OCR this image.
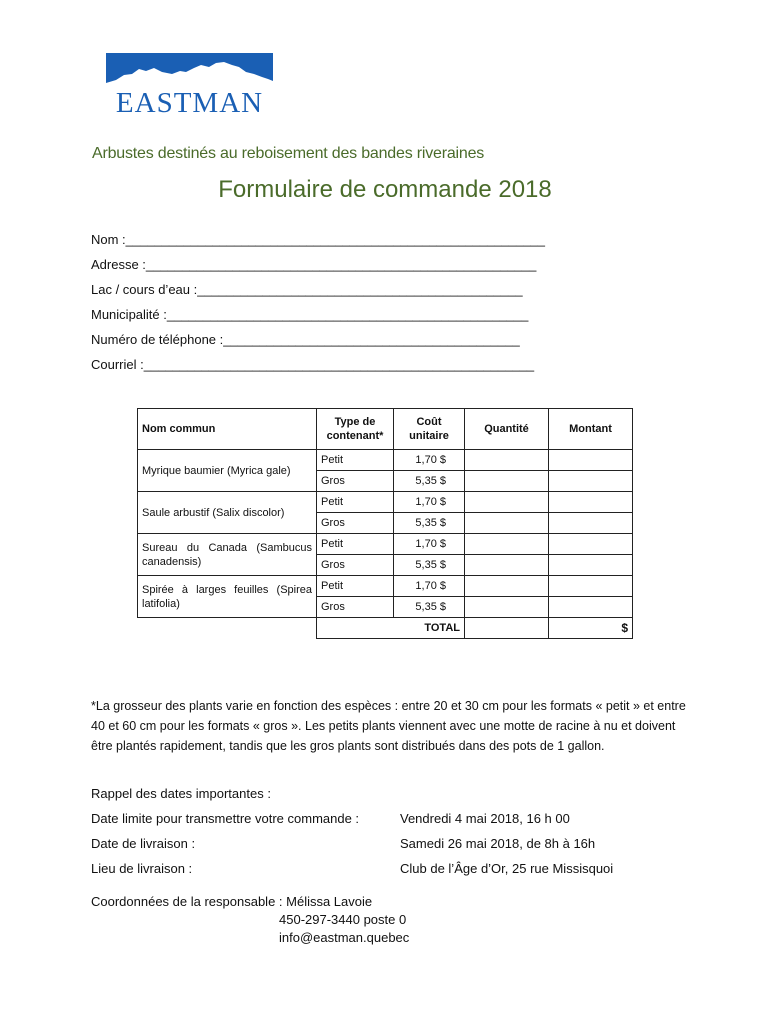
EASTMAN
Arbustes destinés au reboisement des bandes riveraines
Formulaire de commande 2018
Nom :__________________________________________________________
Adresse :______________________________________________________
Lac / cours d’eau :_____________________________________________
Municipalité :__________________________________________________
Numéro de téléphone :_________________________________________
Courriel :______________________________________________________
Nom commun	Type de contenant*	Coût unitaire	Quantité	Montant
Myrique baumier (Myrica gale)	Petit	1,70 $		
	Gros	5,35 $		
Saule arbustif (Salix discolor)	Petit	1,70 $		
	Gros	5,35 $		
Sureau du Canada (Sambucus canadensis)	Petit	1,70 $		
	Gros	5,35 $		
Spirée à larges feuilles (Spirea latifolia)	Petit	1,70 $		
	Gros	5,35 $		
	TOTAL			$
*La grosseur des plants varie en fonction des espèces : entre 20 et 30 cm pour les formats « petit » et entre 40 et 60 cm pour les formats « gros ». Les petits plants viennent avec une motte de racine à nu et doivent être plantés rapidement, tandis que les gros plants sont distribués dans des pots de 1 gallon.
Rappel des dates importantes :
Date limite pour transmettre votre commande :	Vendredi 4 mai 2018, 16 h 00
Date de livraison :	Samedi 26 mai 2018, de 8h à 16h
Lieu de livraison :	Club de l’Âge d’Or, 25 rue Missisquoi
Coordonnées de la responsable : Mélissa Lavoie
450-297-3440 poste 0
info@eastman.quebec
